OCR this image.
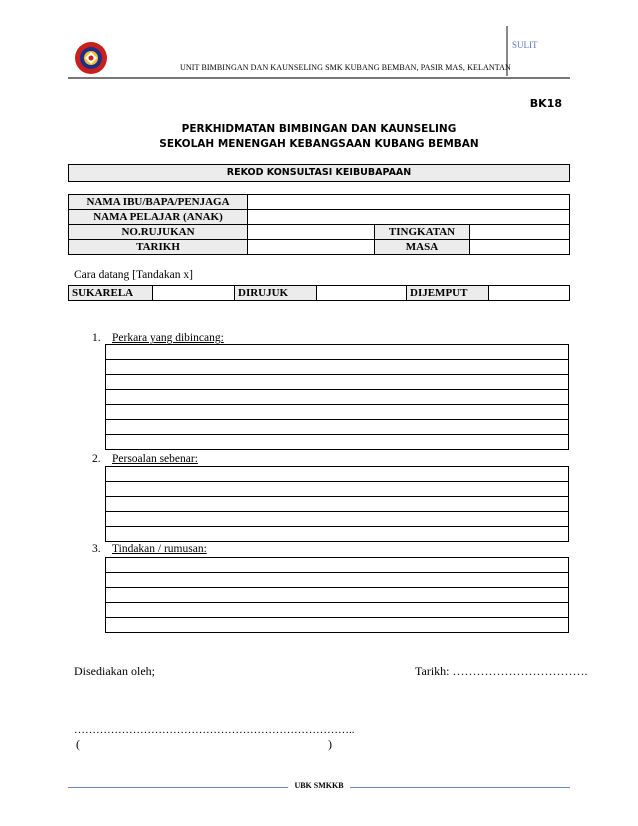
SULIT
UNIT BIMBINGAN DAN KAUNSELING SMK KUBANG BEMBAN, PASIR MAS, KELANTAN
BK18
PERKHIDMATAN BIMBINGAN DAN KAUNSELING
SEKOLAH MENENGAH KEBANGSAAN KUBANG BEMBAN
REKOD KONSULTASI KEIBUBAPAAN
NAMA IBU/BAPA/PENJAGA			
NAMA PELAJAR (ANAK)			
NO.RUJUKAN		TINGKATAN	
TARIKH		MASA	
Cara datang [Tandakan x]
SUKARELA		DIRUJUK		DIJEMPUT	
1. Perkara yang dibincang:
2. Persoalan sebenar:
3. Tindakan / rumusan:
Disediakan oleh;	Tarikh: …………………………….
…………………………………………………………………..
(	)
UBK SMKKB
